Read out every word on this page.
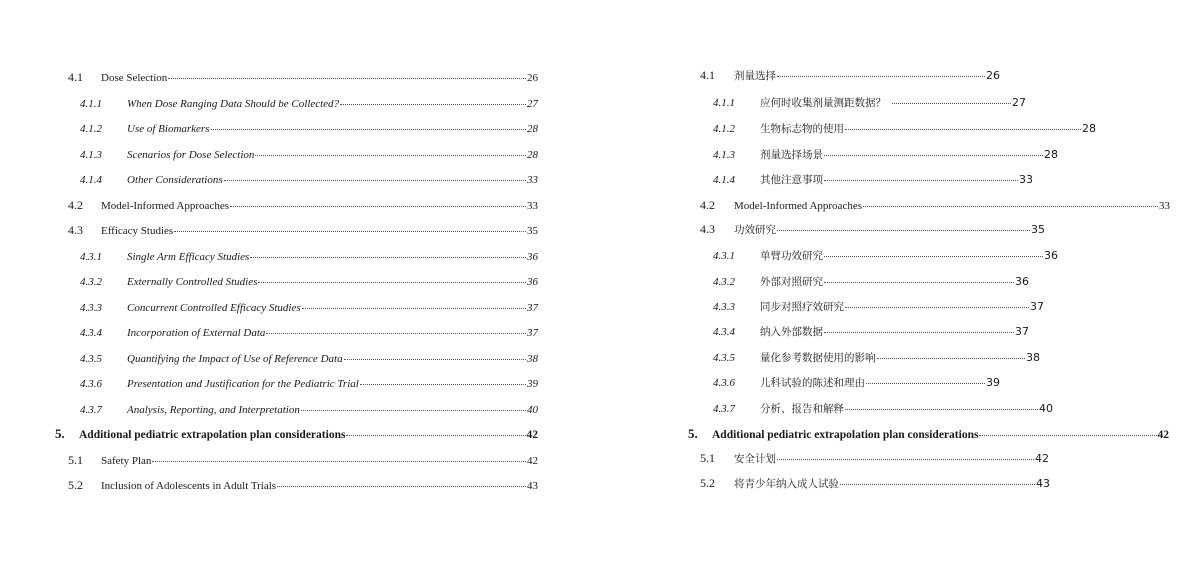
4.1	Dose Selection	26
4.1.1	When Dose Ranging Data Should be Collected?	27
4.1.2	Use of Biomarkers	28
4.1.3	Scenarios for Dose Selection	28
4.1.4	Other Considerations	33
4.2	Model-Informed Approaches	33
4.3	Efficacy Studies	35
4.3.1	Single Arm Efficacy Studies	36
4.3.2	Externally Controlled Studies	36
4.3.3	Concurrent Controlled Efficacy Studies	37
4.3.4	Incorporation of External Data	37
4.3.5	Quantifying the Impact of Use of Reference Data	38
4.3.6	Presentation and Justification for the Pediatric Trial	39
4.3.7	Analysis, Reporting, and Interpretation	40
5.	Additional pediatric extrapolation plan considerations	42
5.1	Safety Plan	42
5.2	Inclusion of Adolescents in Adult Trials	43
4.1	剂量选择	26
4.1.1	应何时收集剂量测距数据？	27
4.1.2	生物标志物的使用	28
4.1.3	剂量选择场景	28
4.1.4	其他注意事项	33
4.2	Model-Informed Approaches	33
4.3	功效研究	35
4.3.1	单臂功效研究	36
4.3.2	外部对照研究	36
4.3.3	同步对照疗效研究	37
4.3.4	纳入外部数据	37
4.3.5	量化参考数据使用的影响	38
4.3.6	儿科试验的陈述和理由	39
4.3.7	分析、报告和解释	40
5.	Additional pediatric extrapolation plan considerations	42
5.1	安全计划	42
5.2	将青少年纳入成人试验	43
